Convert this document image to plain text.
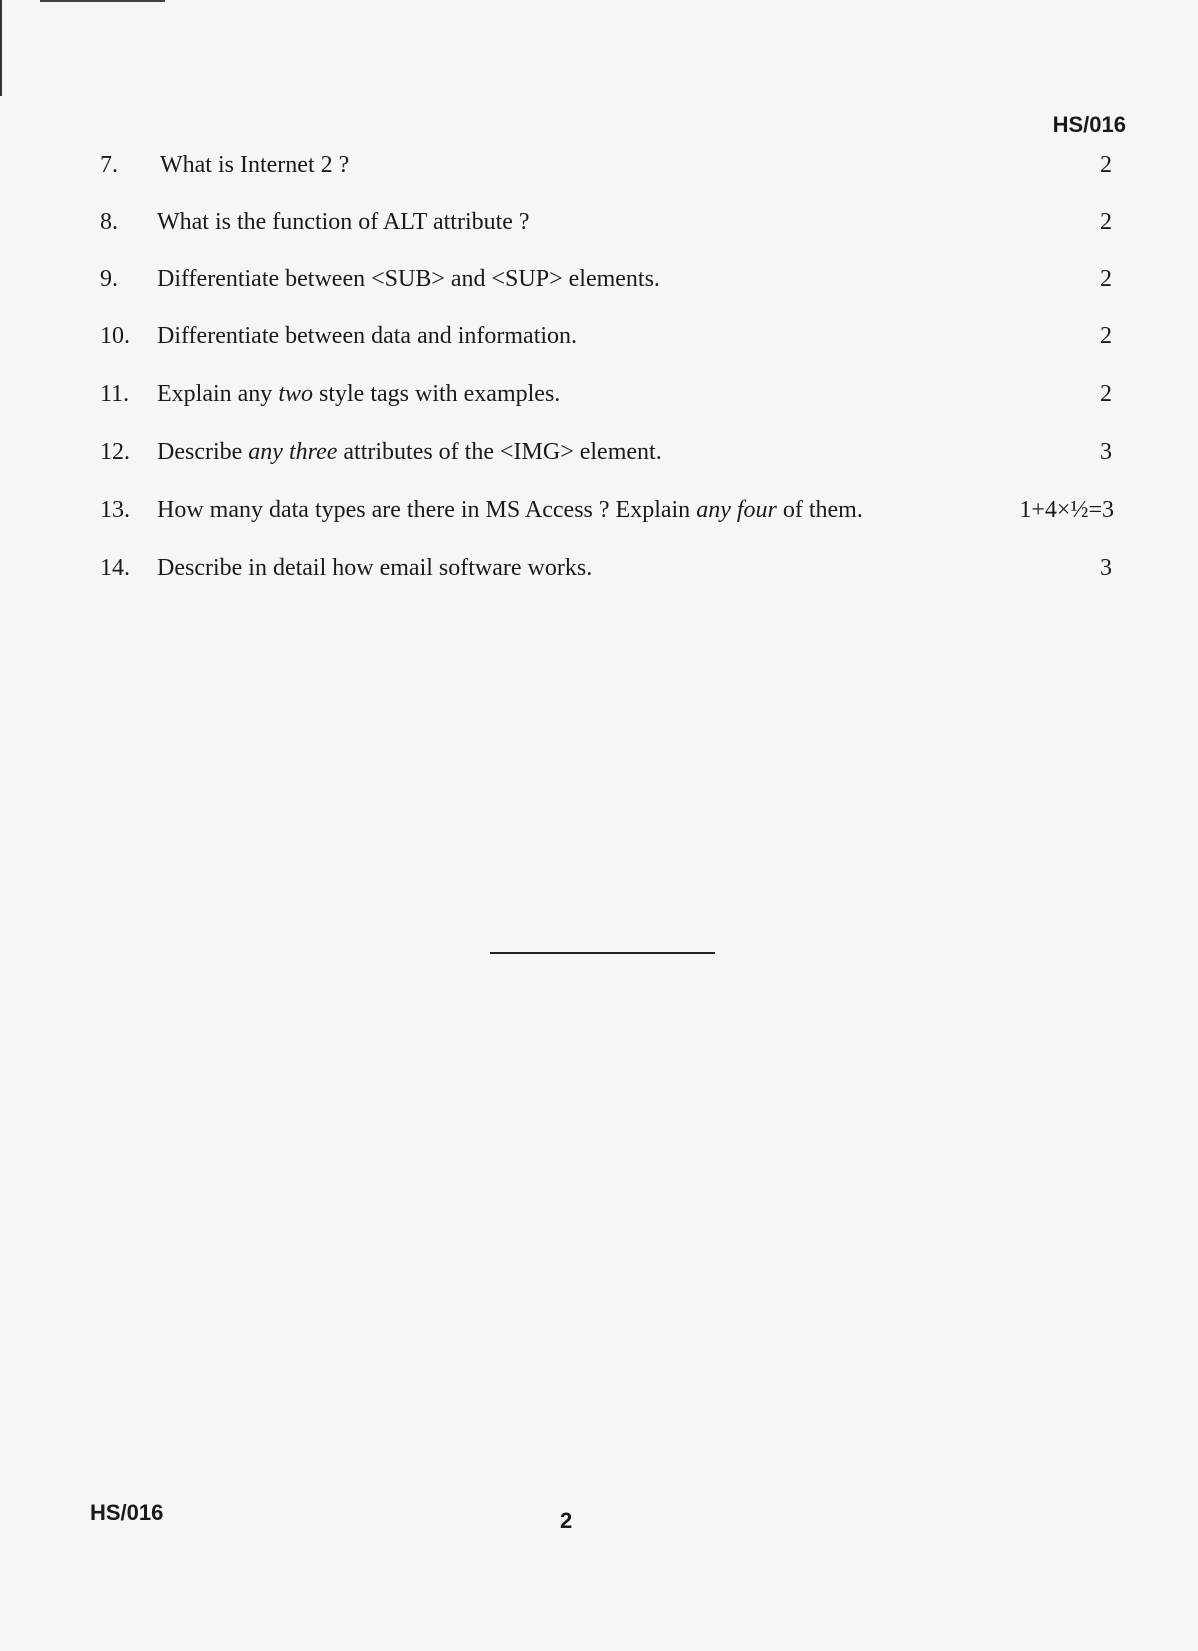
HS/016
7. What is Internet 2 ?	2
8. What is the function of ALT attribute ?	2
9. Differentiate between <SUB> and <SUP> elements.	2
10. Differentiate between data and information.	2
11. Explain any two style tags with examples.	2
12. Describe any three attributes of the <IMG> element.	3
13. How many data types are there in MS Access ? Explain any four of them.	1+4×½=3
14. Describe in detail how email software works.	3
HS/016	2
